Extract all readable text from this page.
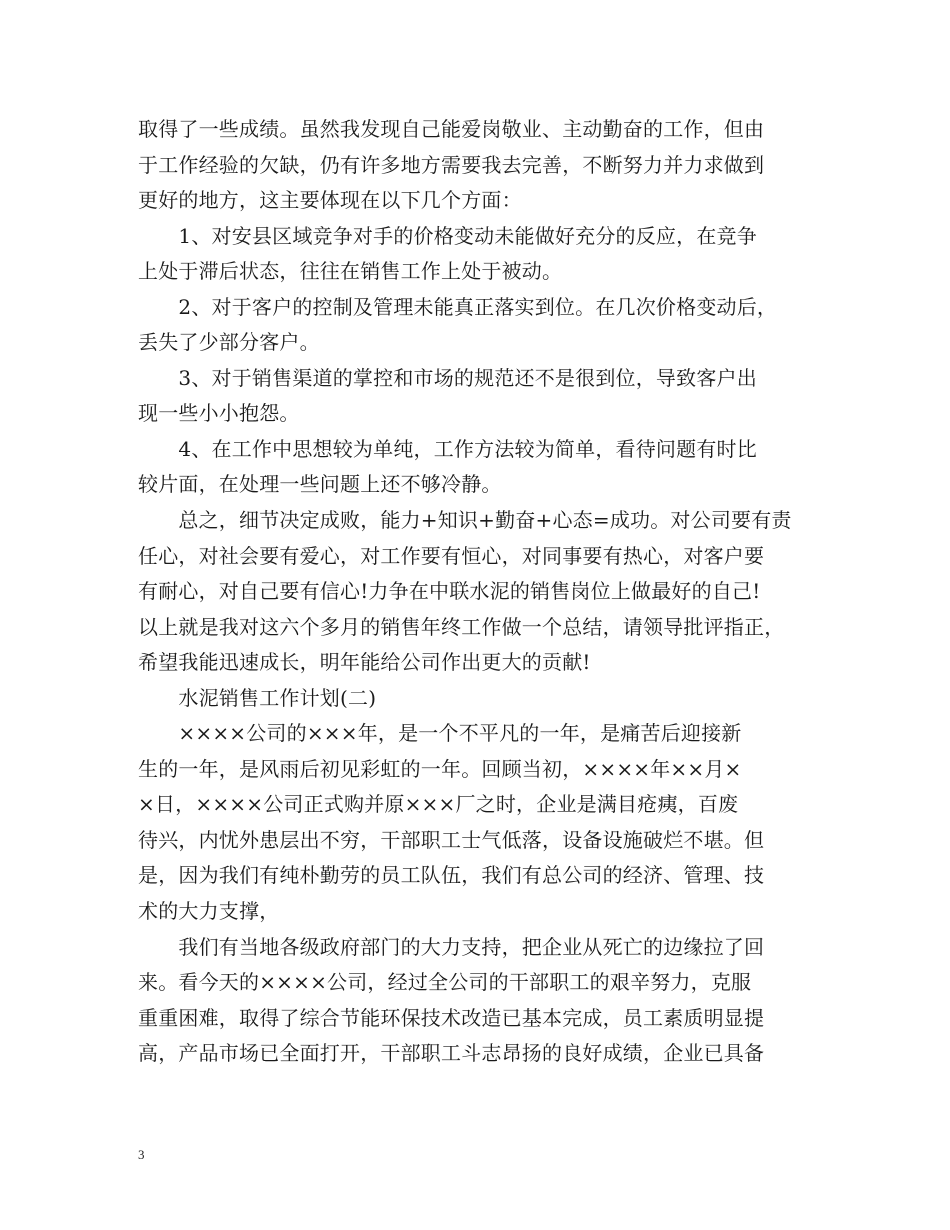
取得了一些成绩。虽然我发现自己能爱岗敬业、主动勤奋的工作，但由
于工作经验的欠缺，仍有许多地方需要我去完善，不断努力并力求做到
更好的地方，这主要体现在以下几个方面：
　　1、对安县区域竞争对手的价格变动未能做好充分的反应，在竞争
上处于滞后状态，往往在销售工作上处于被动。
　　2、对于客户的控制及管理未能真正落实到位。在几次价格变动后，
丢失了少部分客户。
　　3、对于销售渠道的掌控和市场的规范还不是很到位，导致客户出
现一些小小抱怨。
　　4、在工作中思想较为单纯，工作方法较为简单，看待问题有时比
较片面，在处理一些问题上还不够冷静。
　　总之，细节决定成败，能力+知识+勤奋+心态=成功。对公司要有责
任心，对社会要有爱心，对工作要有恒心，对同事要有热心，对客户要
有耐心，对自己要有信心!力争在中联水泥的销售岗位上做最好的自己!
以上就是我对这六个多月的销售年终工作做一个总结，请领导批评指正，
希望我能迅速成长，明年能给公司作出更大的贡献!
　　水泥销售工作计划(二)
　　××××公司的×××年，是一个不平凡的一年，是痛苦后迎接新
生的一年，是风雨后初见彩虹的一年。回顾当初，××××年××月×
×日，××××公司正式购并原×××厂之时，企业是满目疮痍，百废
待兴，内忧外患层出不穷，干部职工士气低落，设备设施破烂不堪。但
是，因为我们有纯朴勤劳的员工队伍，我们有总公司的经济、管理、技
术的大力支撑，
　　我们有当地各级政府部门的大力支持，把企业从死亡的边缘拉了回
来。看今天的××××公司，经过全公司的干部职工的艰辛努力，克服
重重困难，取得了综合节能环保技术改造已基本完成，员工素质明显提
高，产品市场已全面打开，干部职工斗志昂扬的良好成绩，企业已具备
3
